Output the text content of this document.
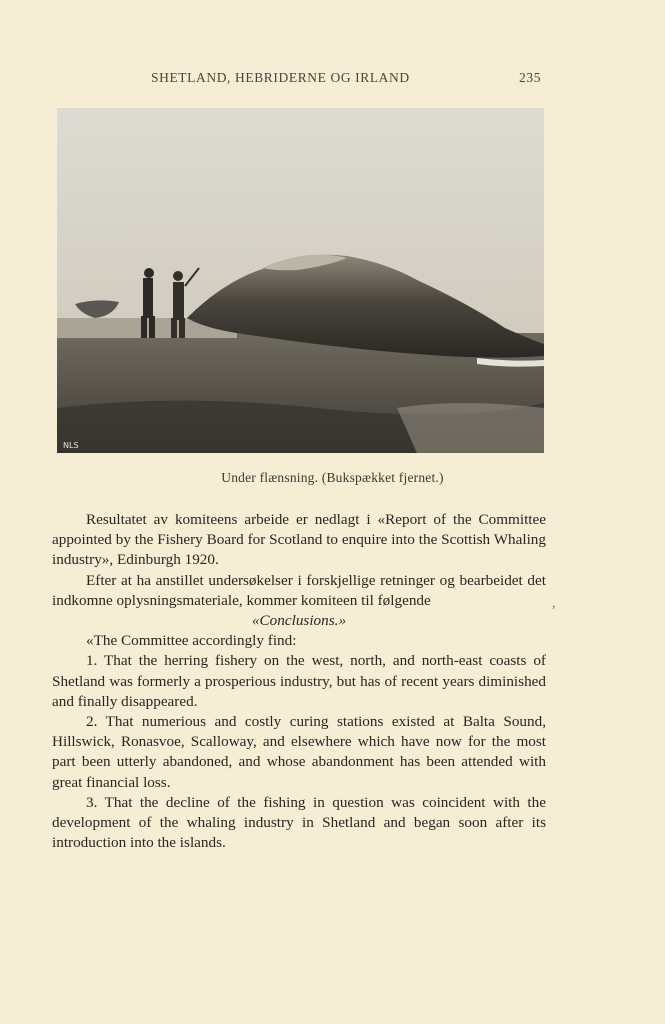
SHETLAND, HEBRIDERNE OG IRLAND	235
NLS
Under flænsning. (Bukspækket fjernet.)

Resultatet av komiteens arbeide er nedlagt i «Report of the Committee appointed by the Fishery Board for Scotland to enquire into the Scottish Whaling industry», Edinburgh 1920.

Efter at ha anstillet undersøkelser i forskjellige retninger og bearbeidet det indkomne oplysningsmateriale, kommer komiteen til følgende

«Conclusions.»

«The Committee accordingly find:

1. That the herring fishery on the west, north, and north-east coasts of Shetland was formerly a prosperious industry, but has of recent years diminished and finally disappeared.

2. That numerious and costly curing stations existed at Balta Sound, Hillswick, Ronasvoe, Scalloway, and elsewhere which have now for the most part been utterly abandoned, and whose abandonment has been attended with great financial loss.

3. That the decline of the fishing in question was coincident with the development of the whaling industry in Shetland and began soon after its introduction into the islands.

,
